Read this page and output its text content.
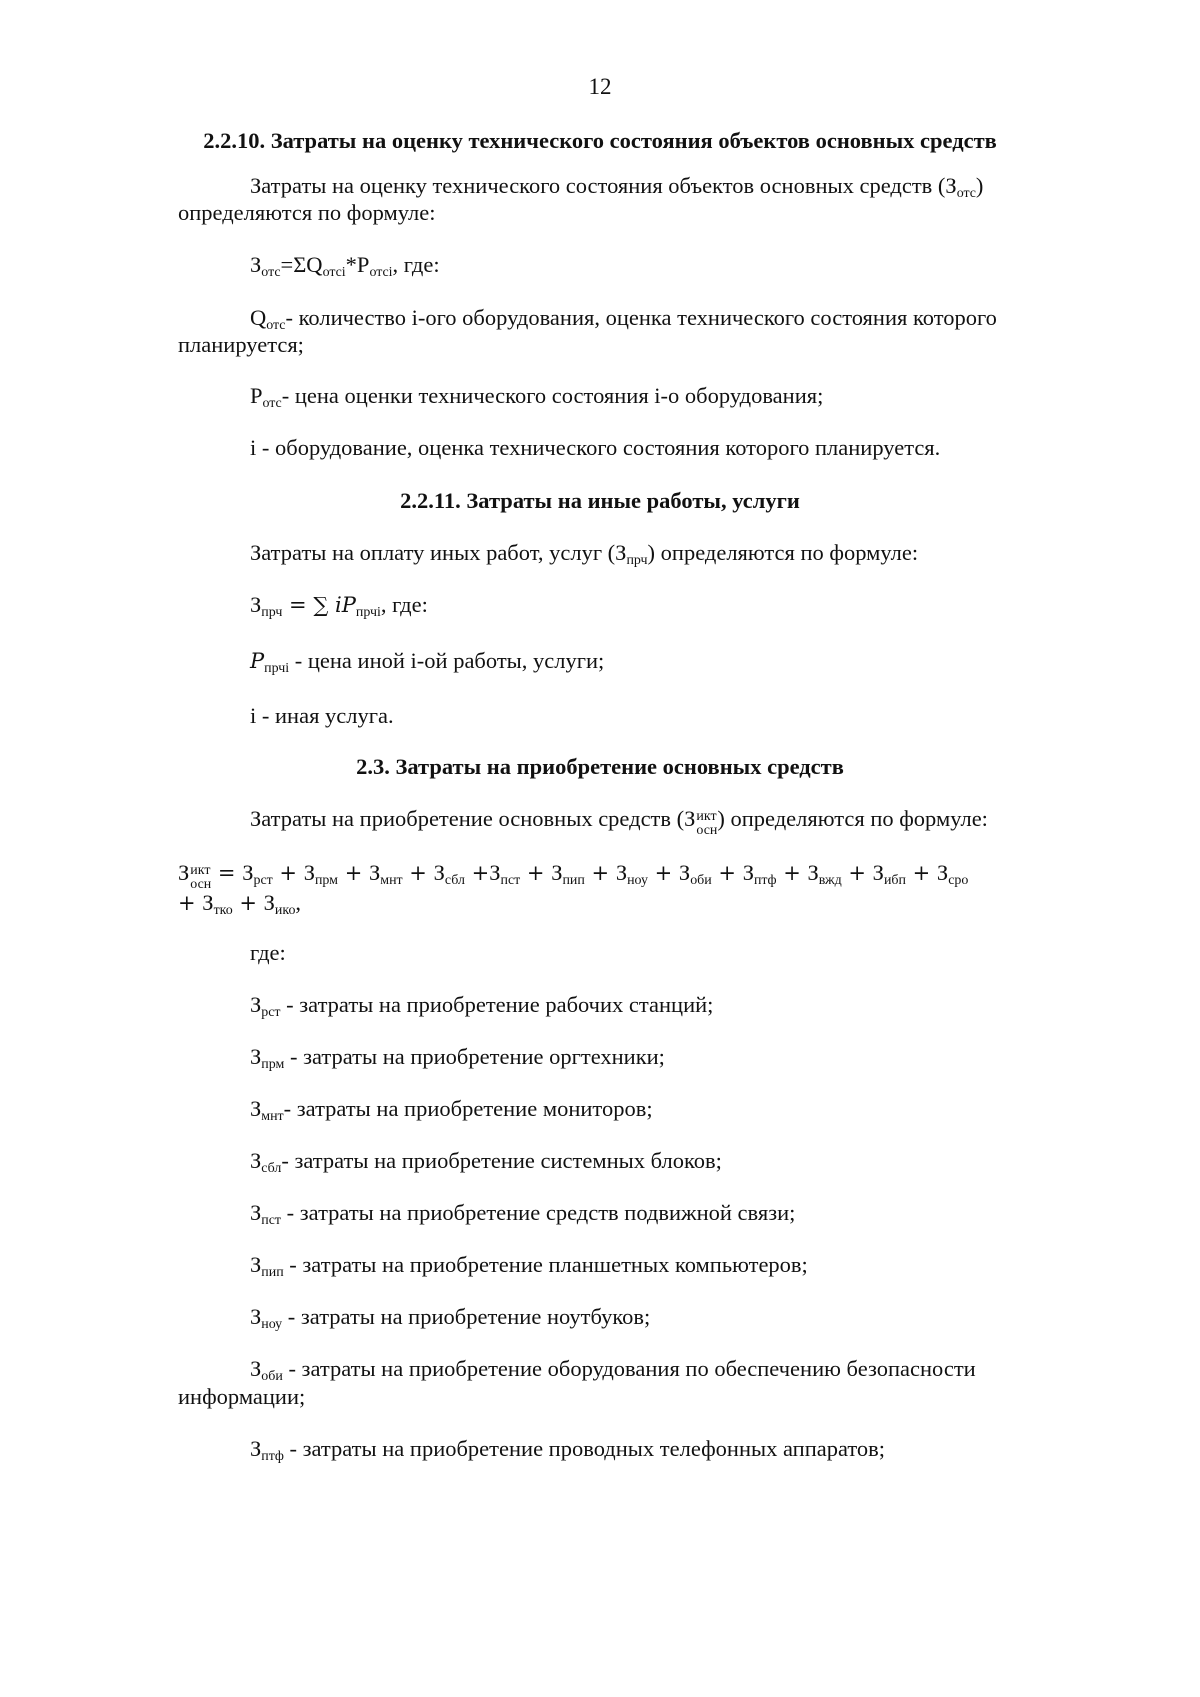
12
2.2.10. Затраты на оценку технического состояния объектов основных средств
Затраты на оценку технического состояния объектов основных средств $(З_{отс})$
определяются по формуле:
$З_{отс}=\Sigma Q_{отсi}*P_{отсi}$, где:
$Q_{отс}-$ количество i-ого оборудования, оценка технического состояния которого
планируется;
$P_{отс}-$ цена оценки технического состояния i-о оборудования;
i - оборудование, оценка технического состояния которого планируется.
2.2.11. Затраты на иные работы, услуги
Затраты на оплату иных работ, услуг $(З_{прч})$ определяются по формуле:
$З_{прч}$ = ∑ $iP_{прчi}$, где:
$P_{прчi}$ - цена иной i-ой работы, услуги;
i - иная услуга.
2.3. Затраты на приобретение основных средств
Затраты на приобретение основных средств (З икт
осн ) определяются по формуле:
З икт
осн = $З_{рст} + З_{прм} + З_{мнт} + З_{сбл} +З_{пст} + З_{пип} + З_{ноу} + З_{оби} + З_{птф} + З_{вжд} + З_{ибп} + З_{сро}$
+ $З_{тко} + З_{ико}$,
где:
$З_{рст}$ - затраты на приобретение рабочих станций;
$З_{прм}$ - затраты на приобретение оргтехники;
$З_{мнт}-$ затраты на приобретение мониторов;
$З_{сбл}-$ затраты на приобретение системных блоков;
$З_{пст}$ - затраты на приобретение средств подвижной связи;
$З_{пип}$ - затраты на приобретение планшетных компьютеров;
$З_{ноу}$ - затраты на приобретение ноутбуков;
$З_{оби}$ - затраты на приобретение оборудования по обеспечению безопасности
информации;
$З_{птф}$ - затраты на приобретение проводных телефонных аппаратов;
